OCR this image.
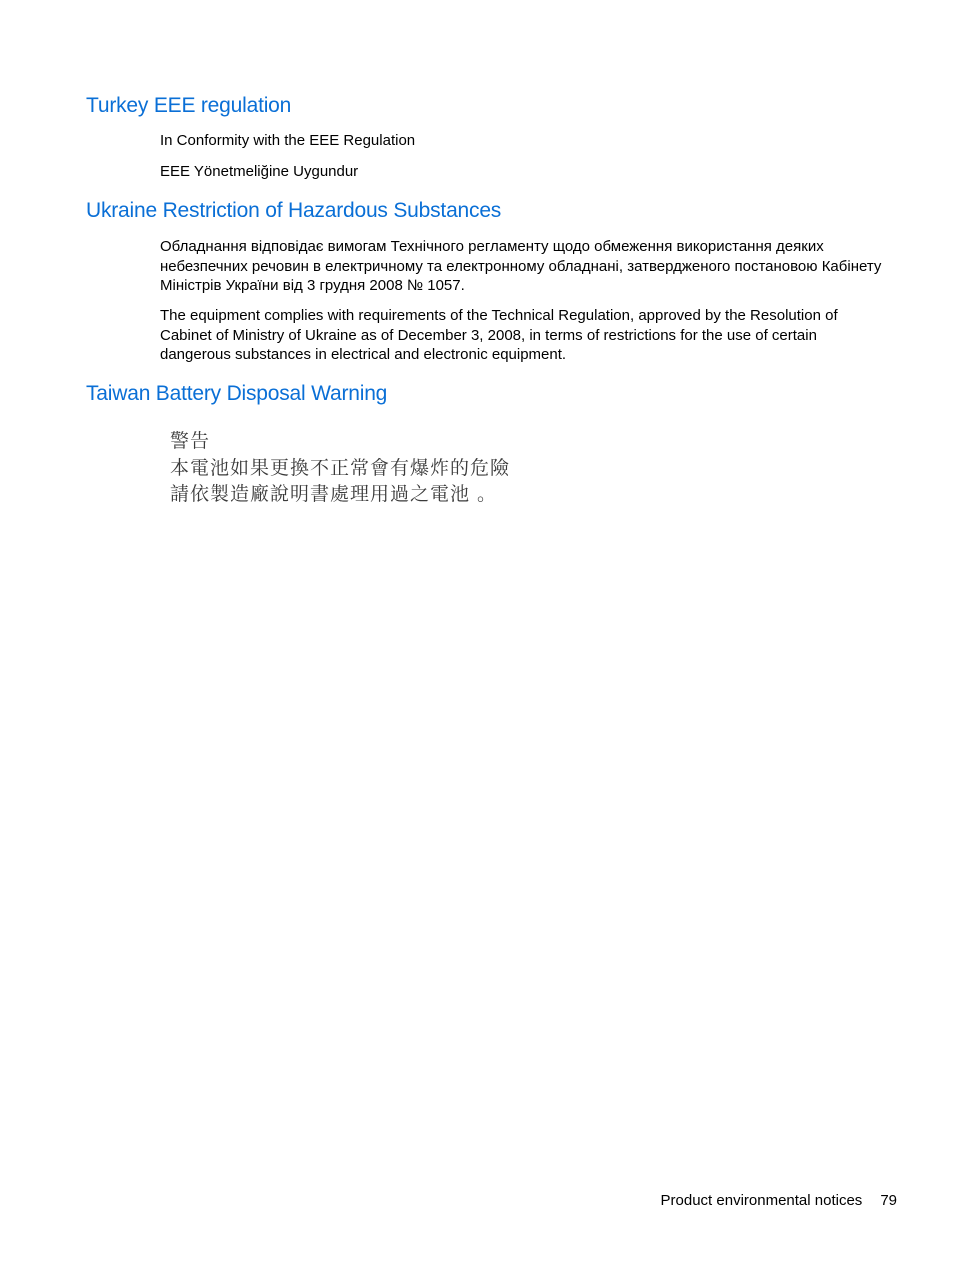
Turkey EEE regulation

In Conformity with the EEE Regulation

EEE Yönetmeliğine Uygundur

Ukraine Restriction of Hazardous Substances

Обладнання відповідає вимогам Технічного регламенту щодо обмеження використання деяких небезпечних речовин в електричному та електронному обладнані, затвердженого постановою Кабінету Міністрів України від 3 грудня 2008 № 1057.

The equipment complies with requirements of the Technical Regulation, approved by the Resolution of Cabinet of Ministry of Ukraine as of December 3, 2008, in terms of restrictions for the use of certain dangerous substances in electrical and electronic equipment.

Taiwan Battery Disposal Warning
警告
本電池如果更換不正常會有爆炸的危險
請依製造廠說明書處理用過之電池 。
Product environmental notices 79
